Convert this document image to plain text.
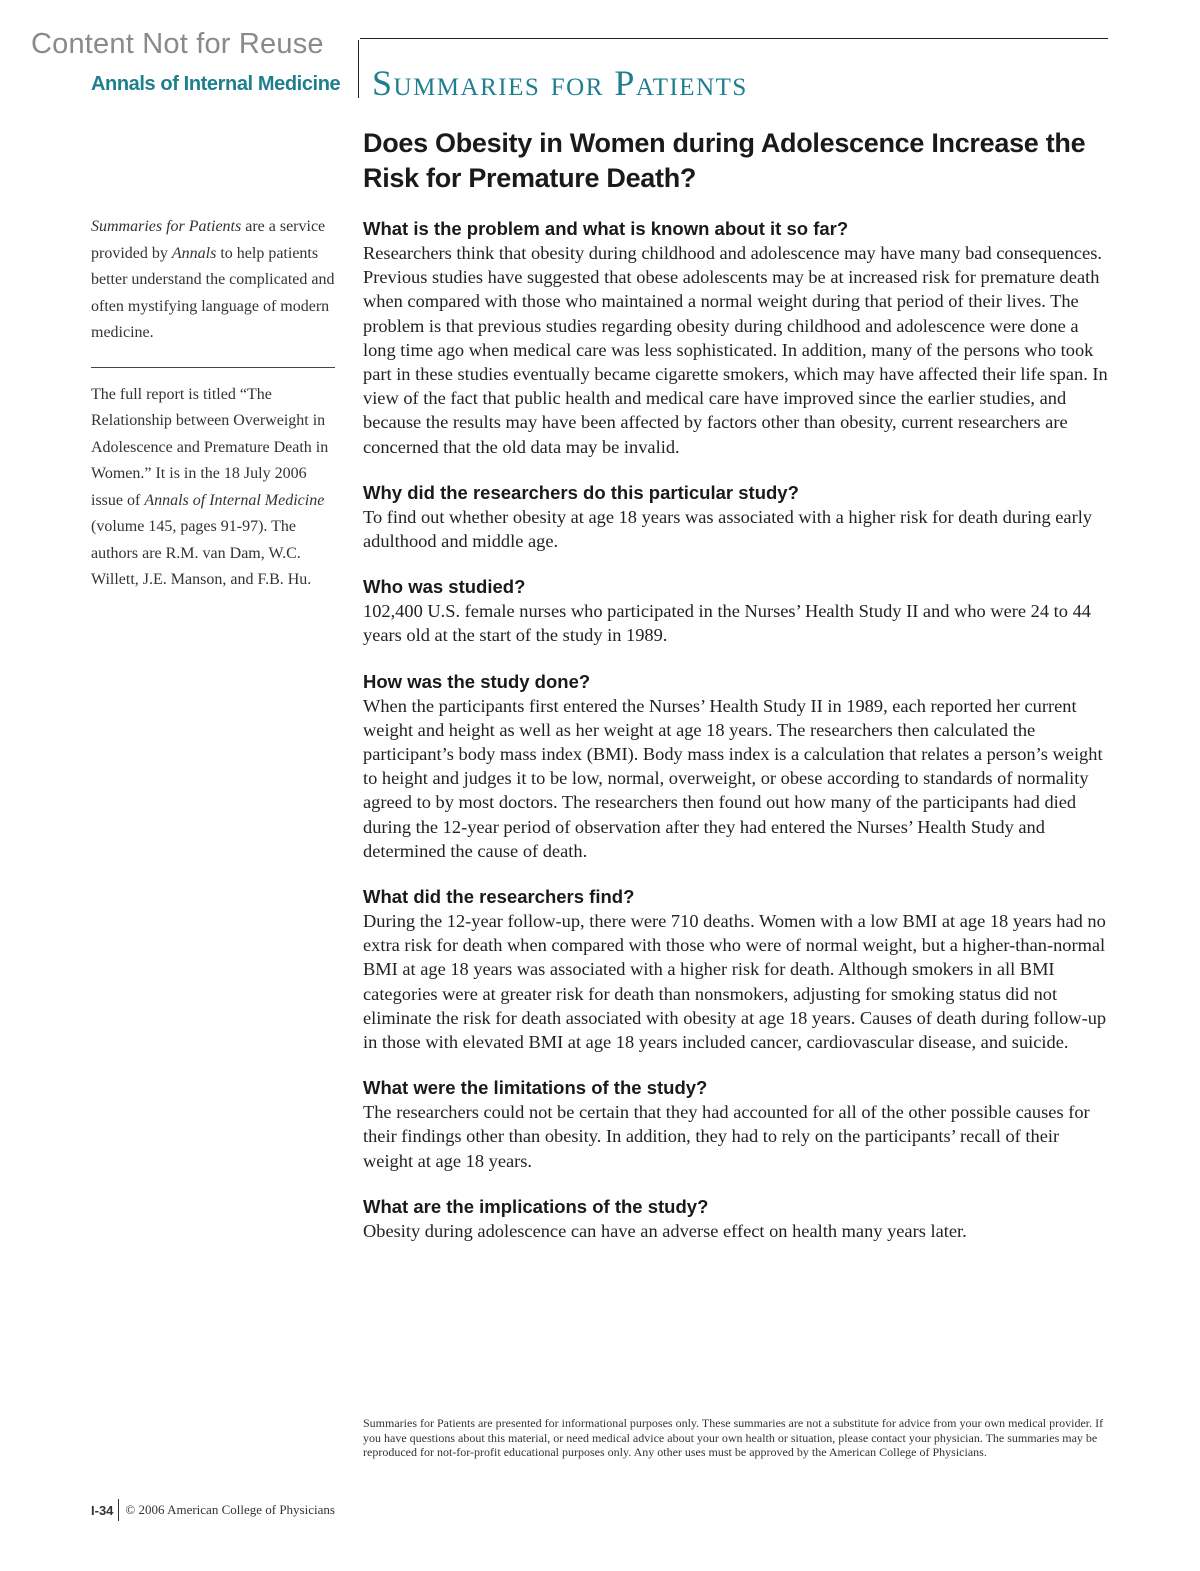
Content Not for Reuse
Annals of Internal Medicine Summaries for Patients
Does Obesity in Women during Adolescence Increase the Risk for Premature Death?

Summaries for Patients are a service provided by Annals to help patients better understand the complicated and often mystifying language of modern medicine.

The full report is titled “The Relationship between Overweight in Adolescence and Premature Death in Women.” It is in the 18 July 2006 issue of Annals of Internal Medicine (volume 145, pages 91-97). The authors are R.M. van Dam, W.C. Willett, J.E. Manson, and F.B. Hu.

What is the problem and what is known about it so far?

Researchers think that obesity during childhood and adolescence may have many bad consequences. Previous studies have suggested that obese adolescents may be at increased risk for premature death when compared with those who maintained a normal weight during that period of their lives. The problem is that previous studies regarding obesity during childhood and adolescence were done a long time ago when medical care was less sophisticated. In addition, many of the persons who took part in these studies eventually became cigarette smokers, which may have affected their life span. In view of the fact that public health and medical care have improved since the earlier studies, and because the results may have been affected by factors other than obesity, current researchers are concerned that the old data may be invalid.

Why did the researchers do this particular study?

To find out whether obesity at age 18 years was associated with a higher risk for death during early adulthood and middle age.

Who was studied?

102,400 U.S. female nurses who participated in the Nurses’ Health Study II and who were 24 to 44 years old at the start of the study in 1989.

How was the study done?

When the participants first entered the Nurses’ Health Study II in 1989, each reported her current weight and height as well as her weight at age 18 years. The researchers then calculated the participant’s body mass index (BMI). Body mass index is a calculation that relates a person’s weight to height and judges it to be low, normal, overweight, or obese according to standards of normality agreed to by most doctors. The researchers then found out how many of the participants had died during the 12-year period of observation after they had entered the Nurses’ Health Study and determined the cause of death.

What did the researchers find?

During the 12-year follow-up, there were 710 deaths. Women with a low BMI at age 18 years had no extra risk for death when compared with those who were of normal weight, but a higher-than-normal BMI at age 18 years was associated with a higher risk for death. Although smokers in all BMI categories were at greater risk for death than nonsmokers, adjusting for smoking status did not eliminate the risk for death associated with obesity at age 18 years. Causes of death during follow-up in those with elevated BMI at age 18 years included cancer, cardiovascular disease, and suicide.

What were the limitations of the study?

The researchers could not be certain that they had accounted for all of the other possible causes for their findings other than obesity. In addition, they had to rely on the participants’ recall of their weight at age 18 years.

What are the implications of the study?

Obesity during adolescence can have an adverse effect on health many years later.

Summaries for Patients are presented for informational purposes only. These summaries are not a substitute for advice from your own medical provider. If you have questions about this material, or need medical advice about your own health or situation, please contact your physician. The summaries may be reproduced for not-for-profit educational purposes only. Any other uses must be approved by the American College of Physicians.

I-34 © 2006 American College of Physicians
